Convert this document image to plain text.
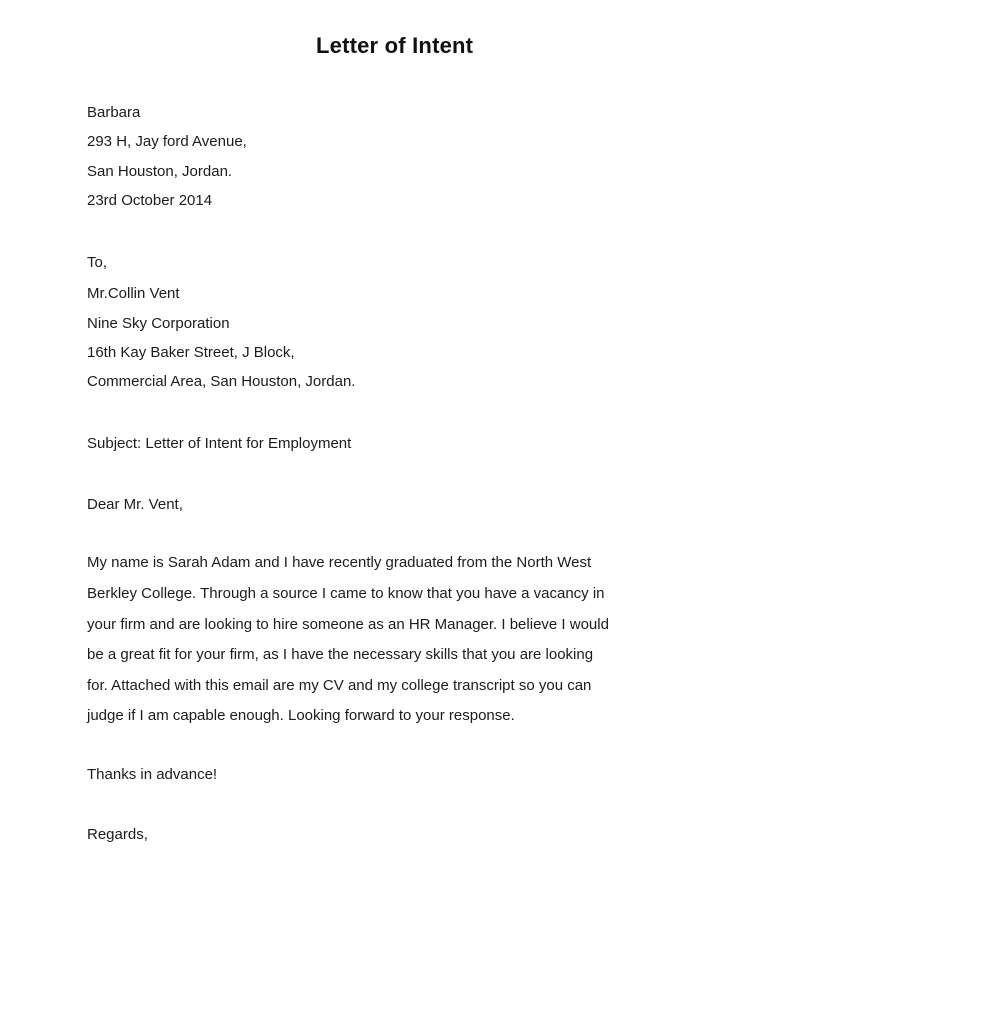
Letter of Intent
Barbara
293 H, Jay ford Avenue,
San Houston, Jordan.
23rd October 2014
To,
Mr.Collin Vent
Nine Sky Corporation
16th Kay Baker Street, J Block,
Commercial Area, San Houston, Jordan.
Subject: Letter of Intent for Employment
Dear Mr. Vent,
My name is Sarah Adam and I have recently graduated from the North West
Berkley College. Through a source I came to know that you have a vacancy in
your firm and are looking to hire someone as an HR Manager. I believe I would
be a great fit for your firm, as I have the necessary skills that you are looking
for. Attached with this email are my CV and my college transcript so you can
judge if I am capable enough. Looking forward to your response.
Thanks in advance!
Regards,
